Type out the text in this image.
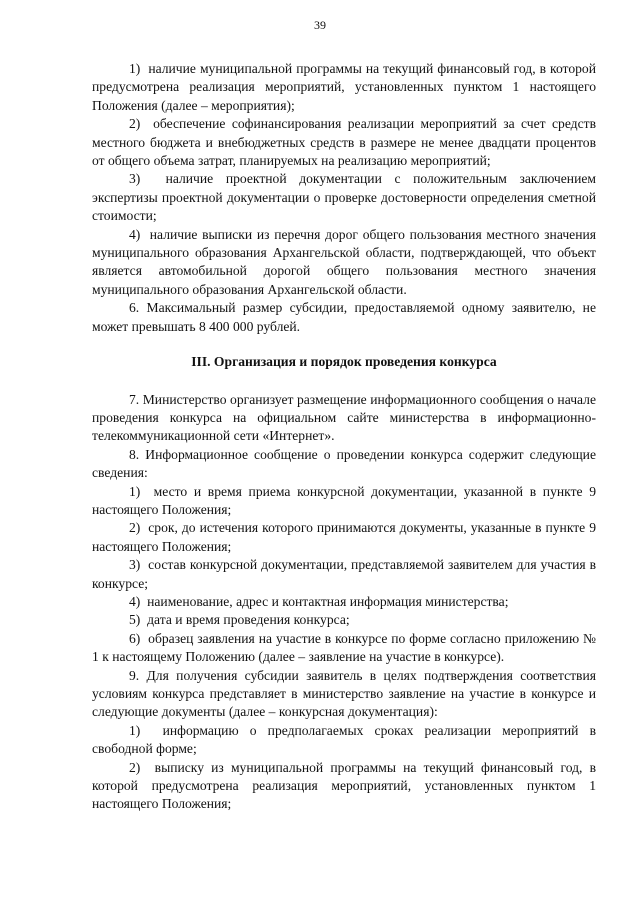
39

1)  наличие муниципальной программы на текущий финансовый год, в которой предусмотрена реализация мероприятий, установленных пунктом 1 настоящего Положения (далее – мероприятия);

2)  обеспечение софинансирования реализации мероприятий за счет средств местного бюджета и внебюджетных средств в размере не менее двадцати процентов от общего объема затрат, планируемых на реализацию мероприятий;

3)  наличие проектной документации с положительным заключением экспертизы проектной документации о проверке достоверности определения сметной стоимости;

4)  наличие выписки из перечня дорог общего пользования местного значения муниципального образования Архангельской области, подтверждающей, что объект является автомобильной дорогой общего пользования местного значения муниципального образования Архангельской области.

6. Максимальный размер субсидии, предоставляемой одному заявителю, не может превышать 8 400 000 рублей.

III. Организация и порядок проведения конкурса

7. Министерство организует размещение информационного сообщения о начале проведения конкурса на официальном сайте министерства в информационно-телекоммуникационной сети «Интернет».

8. Информационное сообщение о проведении конкурса содержит следующие сведения:

1)  место и время приема конкурсной документации, указанной в пункте 9 настоящего Положения;

2)  срок, до истечения которого принимаются документы, указанные в пункте 9 настоящего Положения;

3)  состав конкурсной документации, представляемой заявителем для участия в конкурсе;

4)  наименование, адрес и контактная информация министерства;

5)  дата и время проведения конкурса;

6)  образец заявления на участие в конкурсе по форме согласно приложению № 1 к настоящему Положению (далее – заявление на участие в конкурсе).

9. Для получения субсидии заявитель в целях подтверждения соответствия условиям конкурса представляет в министерство заявление на участие в конкурсе и следующие документы (далее – конкурсная документация):

1)  информацию о предполагаемых сроках реализации мероприятий в свободной форме;

2)  выписку из муниципальной программы на текущий финансовый год, в которой предусмотрена реализация мероприятий, установленных пунктом 1 настоящего Положения;
